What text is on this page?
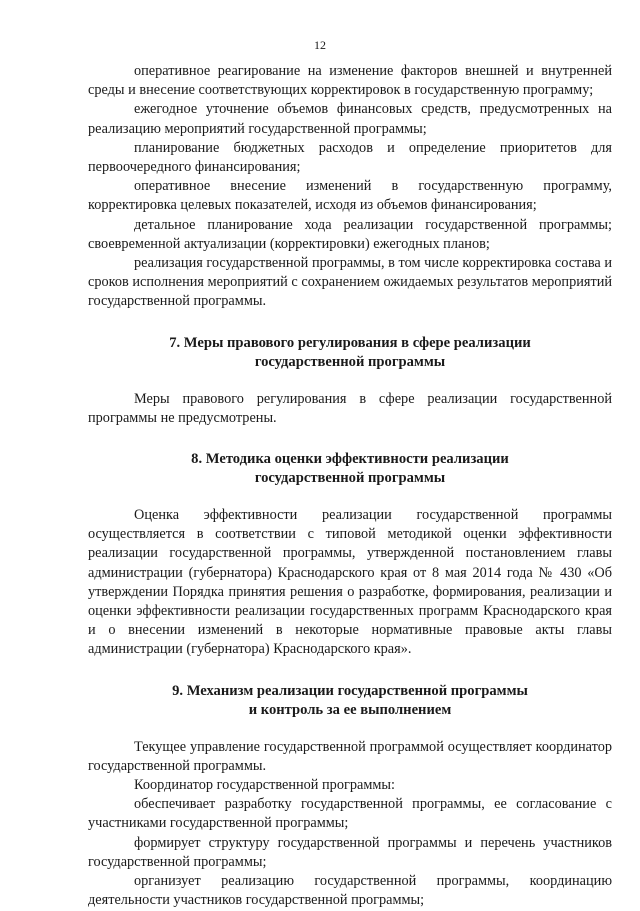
12

оперативное реагирование на изменение факторов внешней и внутренней среды и внесение соответствующих корректировок в государственную программу;

ежегодное уточнение объемов финансовых средств, предусмотренных на реализацию мероприятий государственной программы;

планирование бюджетных расходов и определение приоритетов для первоочередного финансирования;

оперативное внесение изменений в государственную программу, корректировка целевых показателей, исходя из объемов финансирования;

детальное планирование хода реализации государственной программы; своевременной актуализации (корректировки) ежегодных планов;

реализация государственной программы, в том числе корректировка состава и сроков исполнения мероприятий с сохранением ожидаемых результатов мероприятий государственной программы.

7. Меры правового регулирования в сфере реализации
государственной программы

Меры правового регулирования в сфере реализации государственной программы не предусмотрены.

8. Методика оценки эффективности реализации
государственной программы

Оценка эффективности реализации государственной программы осуществляется в соответствии с типовой методикой оценки эффективности реализации государственной программы, утвержденной постановлением главы администрации (губернатора) Краснодарского края от 8 мая 2014 года № 430 «Об утверждении Порядка принятия решения о разработке, формирования, реализации и оценки эффективности реализации государственных программ Краснодарского края и о внесении изменений в некоторые нормативные правовые акты главы администрации (губернатора) Краснодарского края».

9. Механизм реализации государственной программы
и контроль за ее выполнением

Текущее управление государственной программой осуществляет координатор государственной программы.

Координатор государственной программы:

обеспечивает разработку государственной программы, ее согласование с участниками государственной программы;

формирует структуру государственной программы и перечень участников государственной программы;

организует реализацию государственной программы, координацию деятельности участников государственной программы;
